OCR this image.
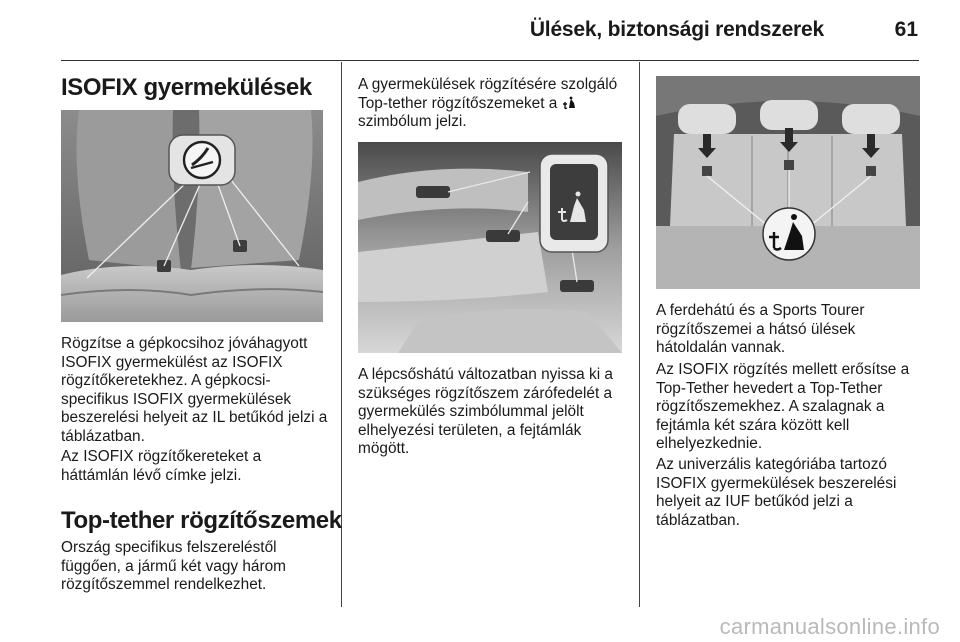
Ülések, biztonsági rendszerek	61
ISOFIX gyermekülések

Rögzítse a gépkocsihoz jóváhagyott ISOFIX gyermekülést az ISOFIX rögzítőkeretekhez. A gépkocsi-specifikus ISOFIX gyermekülések beszerelési helyeit az IL betűkód jelzi a táblázatban.

Az ISOFIX rögzítőkereteket a háttámlán lévő címke jelzi.

Top-tether rögzítőszemek

Ország specifikus felszereléstől függően, a jármű két vagy három rözgítőszemmel rendelkezhet.

A gyermekülések rögzítésére szolgáló Top-tether rögzítőszemeket a  szimbólum jelzi.

A lépcsőshátú változatban nyissa ki a szükséges rögzítőszem zárófedelét a gyermekülés szimbólummal jelölt elhelyezési területen, a fejtámlák mögött.

A ferdehátú és a Sports Tourer rögzítőszemei a hátsó ülések hátoldalán vannak.

Az ISOFIX rögzítés mellett erősítse a Top-Tether hevedert a Top-Tether rögzítőszemekhez. A szalagnak a fejtámla két szára között kell elhelyezkednie.

Az univerzális kategóriába tartozó ISOFIX gyermekülések beszerelési helyeit az IUF betűkód jelzi a táblázatban.

carmanualsonline.info
